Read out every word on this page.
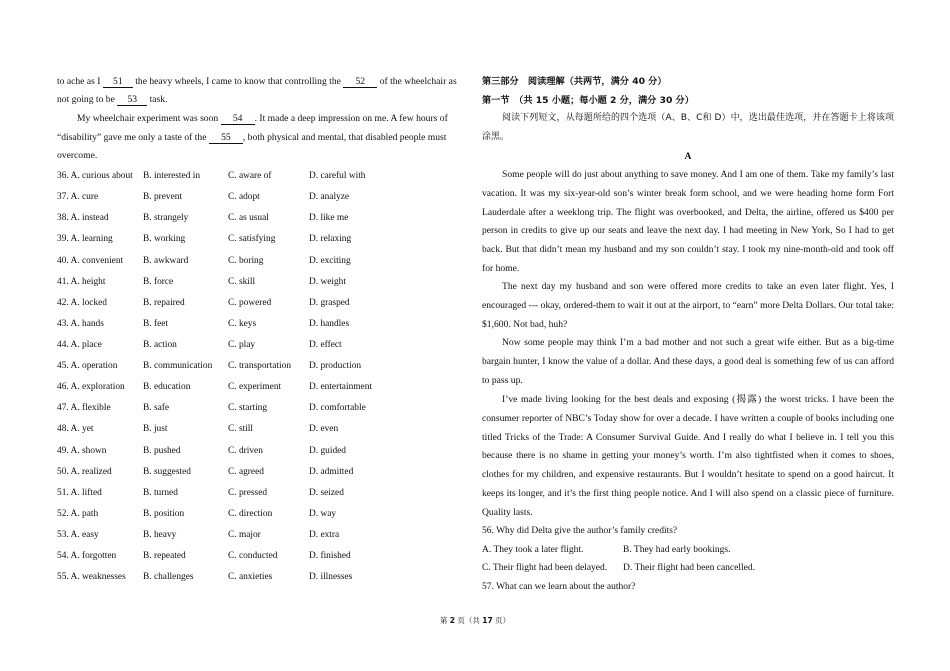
to ache as I 51 the heavy wheels, I came to know that controlling the 52 of the wheelchair as
not going to be 53 task.
My wheelchair experiment was soon 54 . It made a deep impression on me. A few hours of
“disability” gave me only a taste of the 55 , both physical and mental, that disabled people must
overcome.
36. A. curious about B. interested in	C. aware of	D. careful with
37. A. cure	B. prevent	C. adopt	D. analyze
38. A. instead	B. strangely	C. as usual	D. like me
39. A. learning	B. working	C. satisfying	D. relaxing
40. A. convenient B. awkward	C. boring	D. exciting
41. A. height	B. force	C. skill	D. weight
42. A. locked	B. repaired	C. powered	D. grasped
43. A. hands	B. feet	C. keys	D. handles
44. A. place	B. action	C. play	D. effect
45. A. operation	B. communication C. transportation D. production
46. A. exploration B. education	C. experiment	D. entertainment
47. A. flexible	B. safe	C. starting	D. comfortable
48. A. yet	B. just	C. still	D. even
49. A. shown	B. pushed	C. driven	D. guided
50. A. realized	B. suggested	C. agreed	D. admitted
51. A. lifted	B. turned	C. pressed	D. seized
52. A. path	B. position	C. direction	D. way
53. A. easy	B. heavy	C. major	D. extra
54. A. forgotten	B. repeated	C. conducted	D. finished
55. A. weaknesses B. challenges	C. anxieties	D. illnesses
第三部分　阅读理解（共两节，满分 40 分）
第一节　（共 15 小题；每小题 2 分，满分 30 分）
阅读下列短文，从每题所给的四个选项（A、B、C和 D）中，选出最佳选项，并在答题卡上将该项涂黑。
A
Some people will do just about anything to save money. And I am one of them. Take my family’s last vacation. It was my six-year-old son’s winter break form school, and we were heading home form Fort Lauderdale after a weeklong trip. The flight was overbooked, and Delta, the airline, offered us $400 per person in credits to give up our seats and leave the next day. I had meeting in New York, So I had to get back. But that didn’t mean my husband and my son couldn’t stay. I took my nine-month-old and took off for home.
The next day my husband and son were offered more credits to take an even later flight. Yes, I encouraged --- okay, ordered-them to wait it out at the airport, to “earn” more Delta Dollars. Our total take: $1,600. Not bad, huh?
Now some people may think I’m a bad mother and not such a great wife either. But as a big-time bargain hunter, I know the value of a dollar. And these days, a good deal is something few of us can afford to pass up.
I’ve made living looking for the best deals and exposing (揭露) the worst tricks. I have been the consumer reporter of NBC’s Today show for over a decade. I have written a couple of books including one titled Tricks of the Trade: A Consumer Survival Guide. And I really do what I believe in. I tell you this because there is no shame in getting your money’s worth. I’m also tightfisted when it comes to shoes, clothes for my children, and expensive restaurants. But I wouldn’t hesitate to spend on a good haircut. It keeps its longer, and it’s the first thing people notice. And I will also spend on a classic piece of furniture. Quality lasts.
56. Why did Delta give the author’s family credits?
A. They took a later flight.	B. They had early bookings.
C. Their flight had been delayed. D. Their flight had been cancelled.
57. What can we learn about the author?
第 2 页（共 17 页）
